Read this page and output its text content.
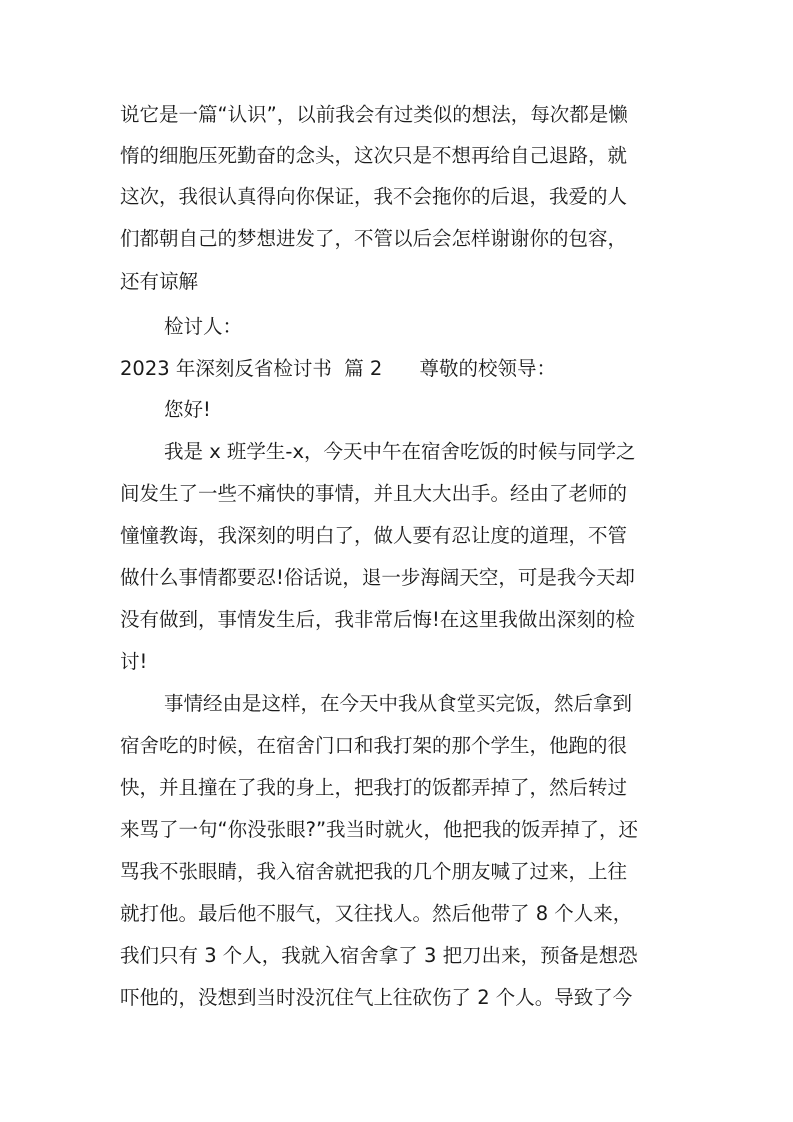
说它是一篇“认识”，以前我会有过类似的想法，每次都是懒
惰的细胞压死勤奋的念头，这次只是不想再给自己退路，就
这次，我很认真得向你保证，我不会拖你的后退，我爱的人
们都朝自己的梦想进发了，不管以后会怎样谢谢你的包容，
还有谅解
检讨人：
2023 年深刻反省检讨书  篇 2      尊敬的校领导：
您好!
我是 x 班学生-x，今天中午在宿舍吃饭的时候与同学之
间发生了一些不痛快的事情，并且大大出手。经由了老师的
憧憧教诲，我深刻的明白了，做人要有忍让度的道理，不管
做什么事情都要忍!俗话说，退一步海阔天空，可是我今天却
没有做到，事情发生后，我非常后悔!在这里我做出深刻的检
讨!
事情经由是这样，在今天中我从食堂买完饭，然后拿到
宿舍吃的时候，在宿舍门口和我打架的那个学生，他跑的很
快，并且撞在了我的身上，把我打的饭都弄掉了，然后转过
来骂了一句“你没张眼?”我当时就火，他把我的饭弄掉了，还
骂我不张眼睛，我入宿舍就把我的几个朋友喊了过来，上往
就打他。最后他不服气，又往找人。然后他带了 8 个人来，
我们只有 3 个人，我就入宿舍拿了 3 把刀出来，预备是想恐
吓他的，没想到当时没沉住气上往砍伤了 2 个人。导致了今
